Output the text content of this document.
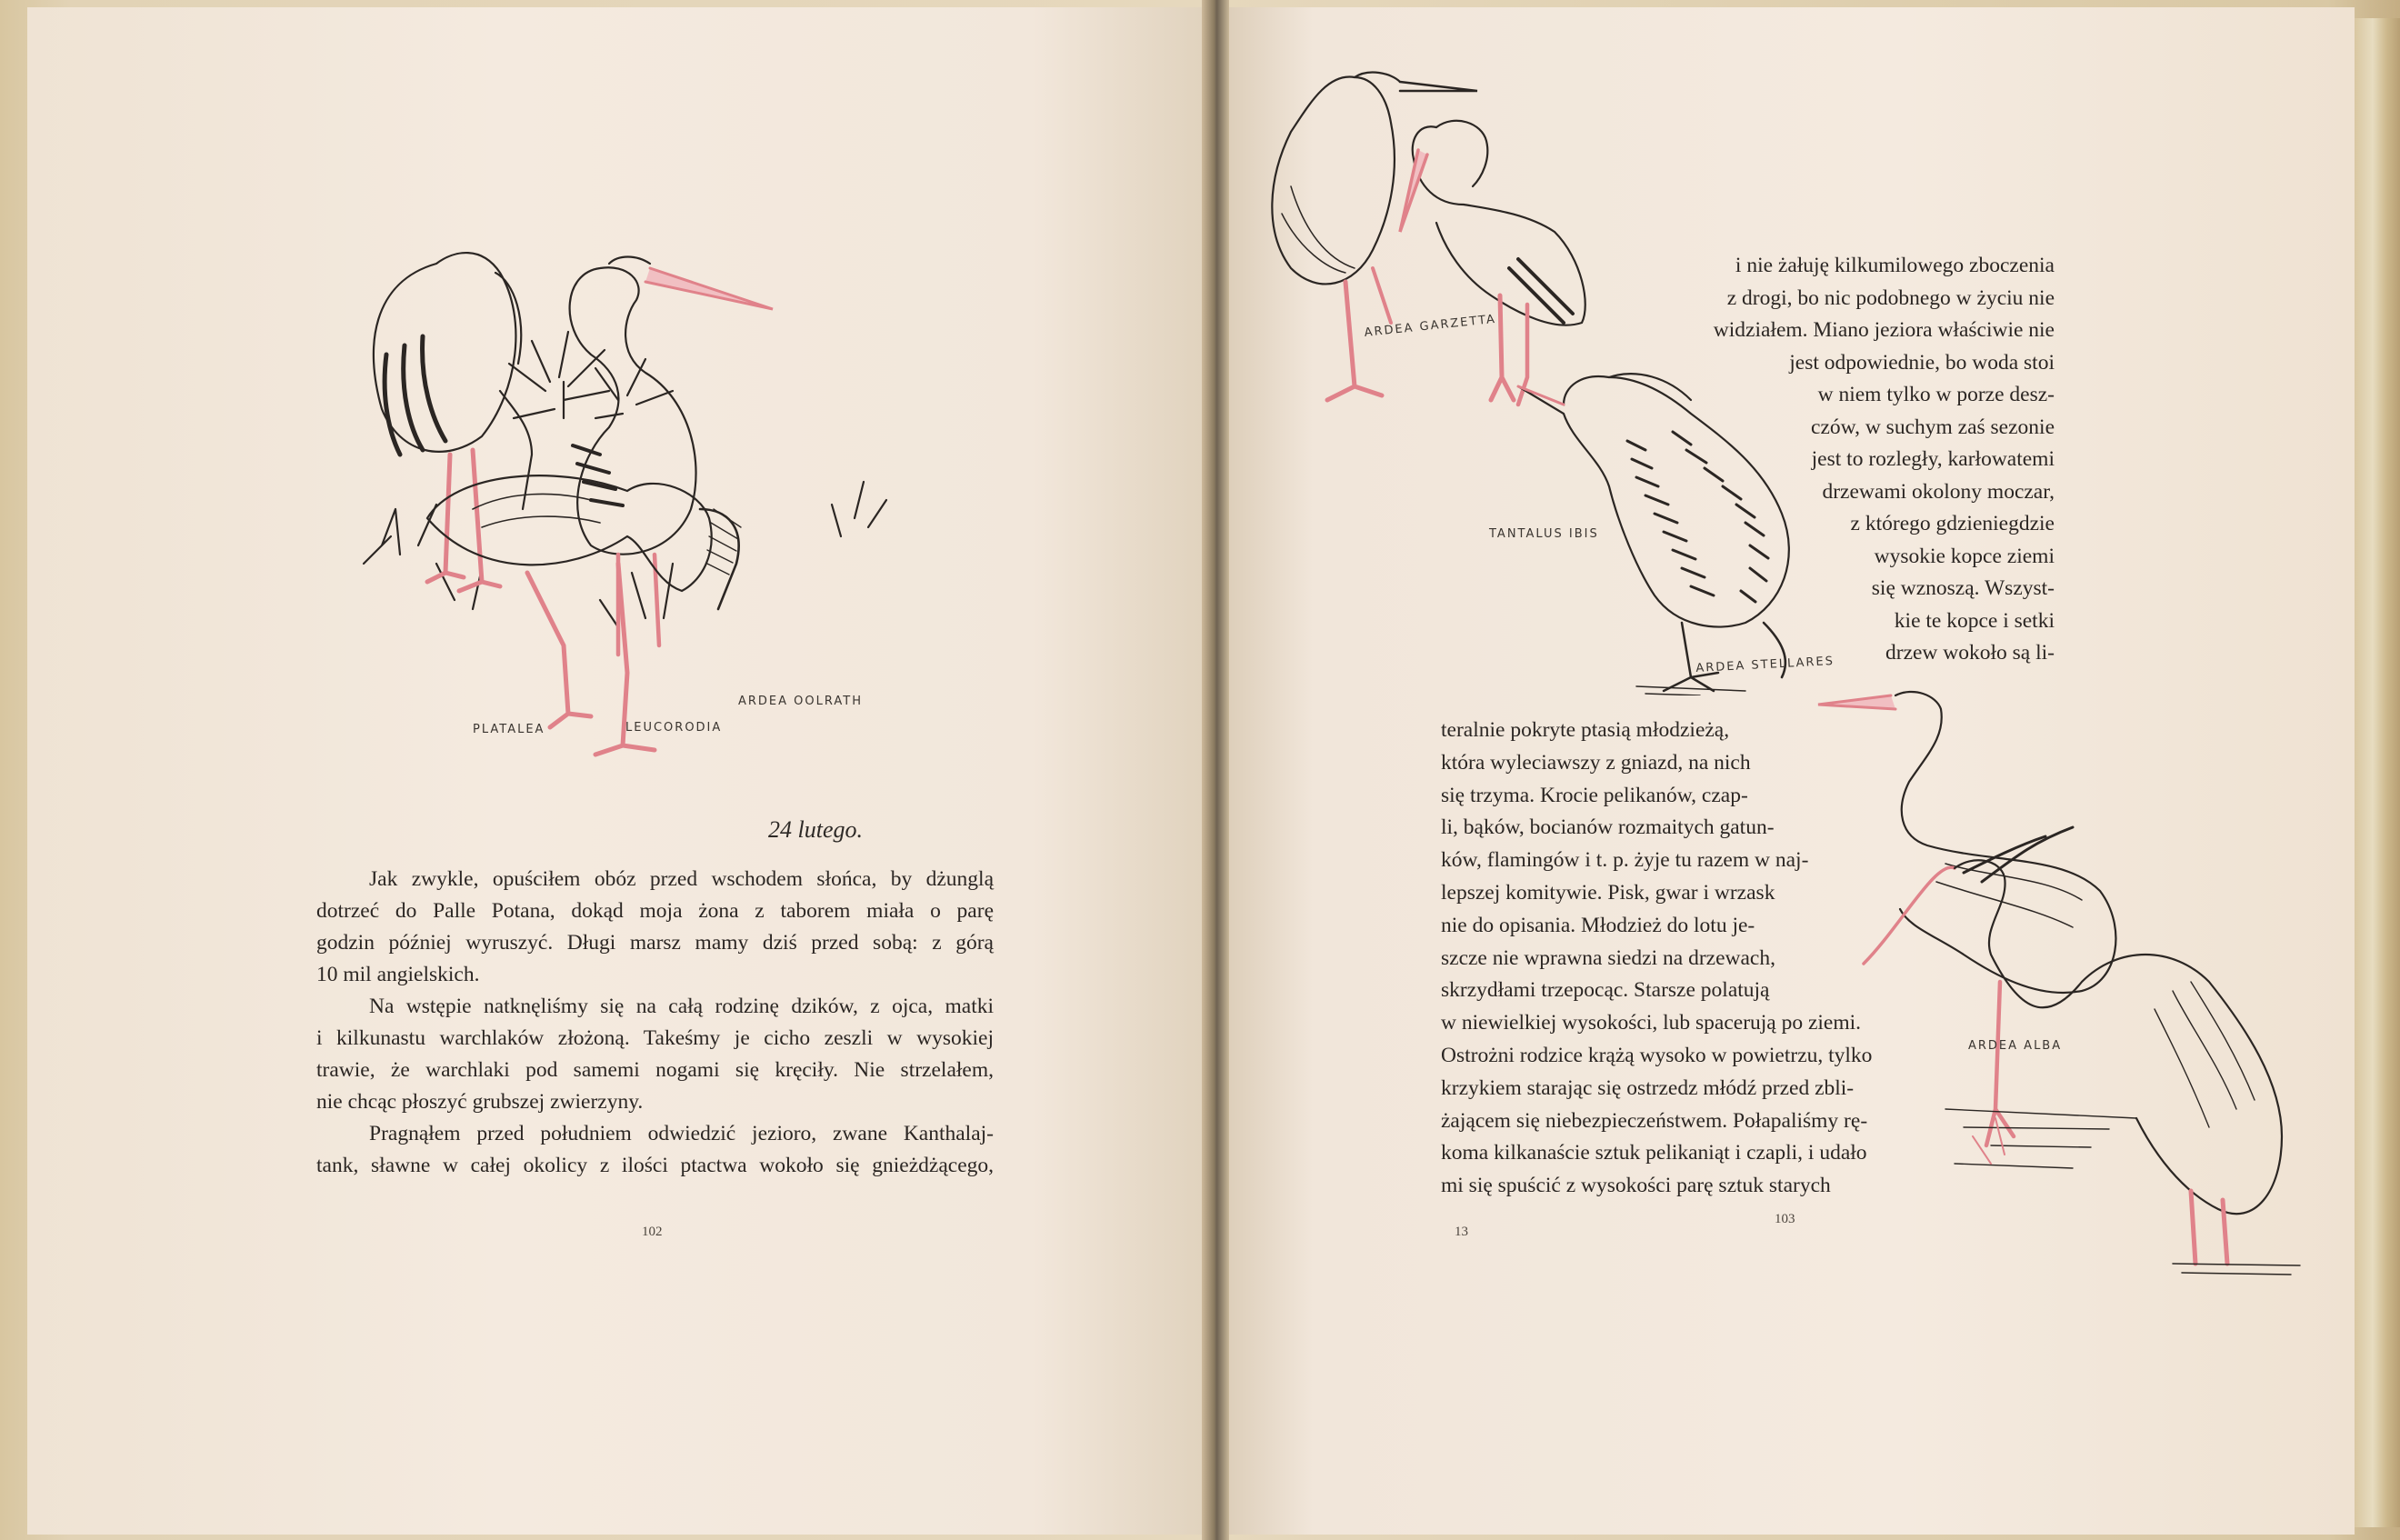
PLATALEA	LEUCORODIA
ARDEA OOLRATH
24 lutego.
Jak zwykle, opuściłem obóz przed wschodem słońca, by dżunglą
dotrzeć do Palle Potana, dokąd moja żona z taborem miała o parę
godzin później wyruszyć. Długi marsz mamy dziś przed sobą: z górą
10 mil angielskich.
Na wstępie natknęliśmy się na całą rodzinę dzików, z ojca, matki
i kilkunastu warchlaków złożoną. Takeśmy je cicho zeszli w wysokiej
trawie, że warchlaki pod samemi nogami się kręciły. Nie strzelałem,
nie chcąc płoszyć grubszej zwierzyny.
Pragnąłem przed południem odwiedzić jezioro, zwane Kanthalaj-
tank, sławne w całej okolicy z ilości ptactwa wokoło się gnieżdżącego,
102
ARDEA GARZETTA
TANTALUS IBIS
ARDEA STELLARES
ARDEA ALBA
i nie żałuję kilkumilowego zboczenia
z drogi, bo nic podobnego w życiu nie
widziałem. Miano jeziora właściwie nie
jest odpowiednie, bo woda stoi
w niem tylko w porze desz-
czów, w suchym zaś sezonie
jest to rozległy, karłowatemi
drzewami okolony moczar,
z którego gdzieniegdzie
wysokie kopce ziemi
się wznoszą. Wszyst-
kie te kopce i setki
drzew wokoło są li-
teralnie pokryte ptasią młodzieżą,
która wyleciawszy z gniazd, na nich
się trzyma. Krocie pelikanów, czap-
li, bąków, bocianów rozmaitych gatun-
ków, flamingów i t. p. żyje tu razem w naj-
lepszej komitywie. Pisk, gwar i wrzask
nie do opisania. Młodzież do lotu je-
szcze nie wprawna siedzi na drzewach,
skrzydłami trzepocąc. Starsze polatują
w niewielkiej wysokości, lub spacerują po ziemi.
Ostrożni rodzice krążą wysoko w powietrzu, tylko
krzykiem starając się ostrzedz młódź przed zbli-
żającem się niebezpieczeństwem. Połapaliśmy rę-
koma kilkanaście sztuk pelikaniąt i czapli, i udało
mi się spuścić z wysokości parę sztuk starych
13
103
